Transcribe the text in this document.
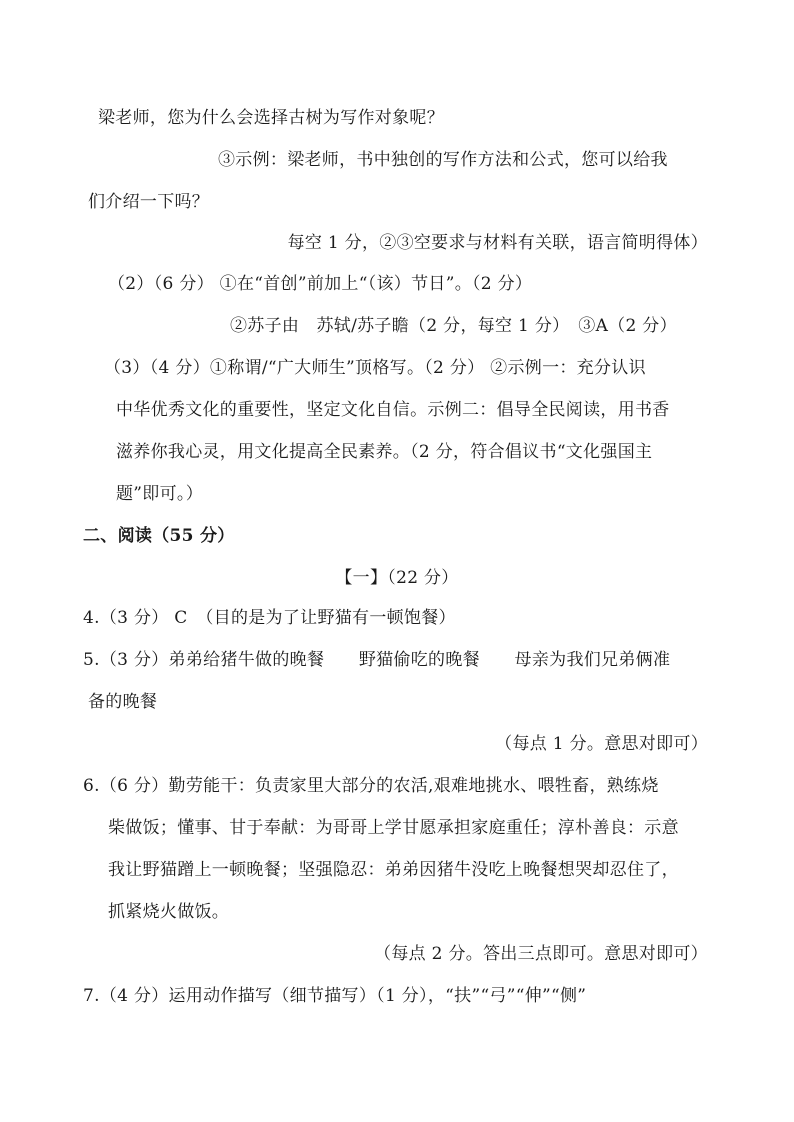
梁老师，您为什么会选择古树为写作对象呢？
③示例：梁老师，书中独创的写作方法和公式，您可以给我
们介绍一下吗？
每空 1 分，②③空要求与材料有关联，语言简明得体）
（2）（6 分） ①在“首创”前加上“（该）节日”。（2 分）
②苏子由　苏轼/苏子瞻（2 分，每空 1 分）　③A（2 分）
（3）（4 分）①称谓/“广大师生”顶格写。（2 分） ②示例一：充分认识
中华优秀文化的重要性，坚定文化自信。示例二：倡导全民阅读，用书香
滋养你我心灵，用文化提高全民素养。（2 分，符合倡议书“文化强国主
题”即可。）
二、阅读（55 分）
【一】（22 分）
4.（3 分） C　（目的是为了让野猫有一顿饱餐）
5.（3 分）弟弟给猪牛做的晚餐　　野猫偷吃的晚餐　　母亲为我们兄弟俩准
备的晚餐
（每点 1 分。意思对即可）
6.（6 分）勤劳能干：负责家里大部分的农活,艰难地挑水、喂牲畜，熟练烧
柴做饭；懂事、甘于奉献：为哥哥上学甘愿承担家庭重任；淳朴善良：示意
我让野猫蹭上一顿晚餐；坚强隐忍：弟弟因猪牛没吃上晚餐想哭却忍住了，
抓紧烧火做饭。
（每点 2 分。答出三点即可。意思对即可）
7.（4 分）运用动作描写（细节描写）（1 分），“扶”“弓”“伸”“侧”
